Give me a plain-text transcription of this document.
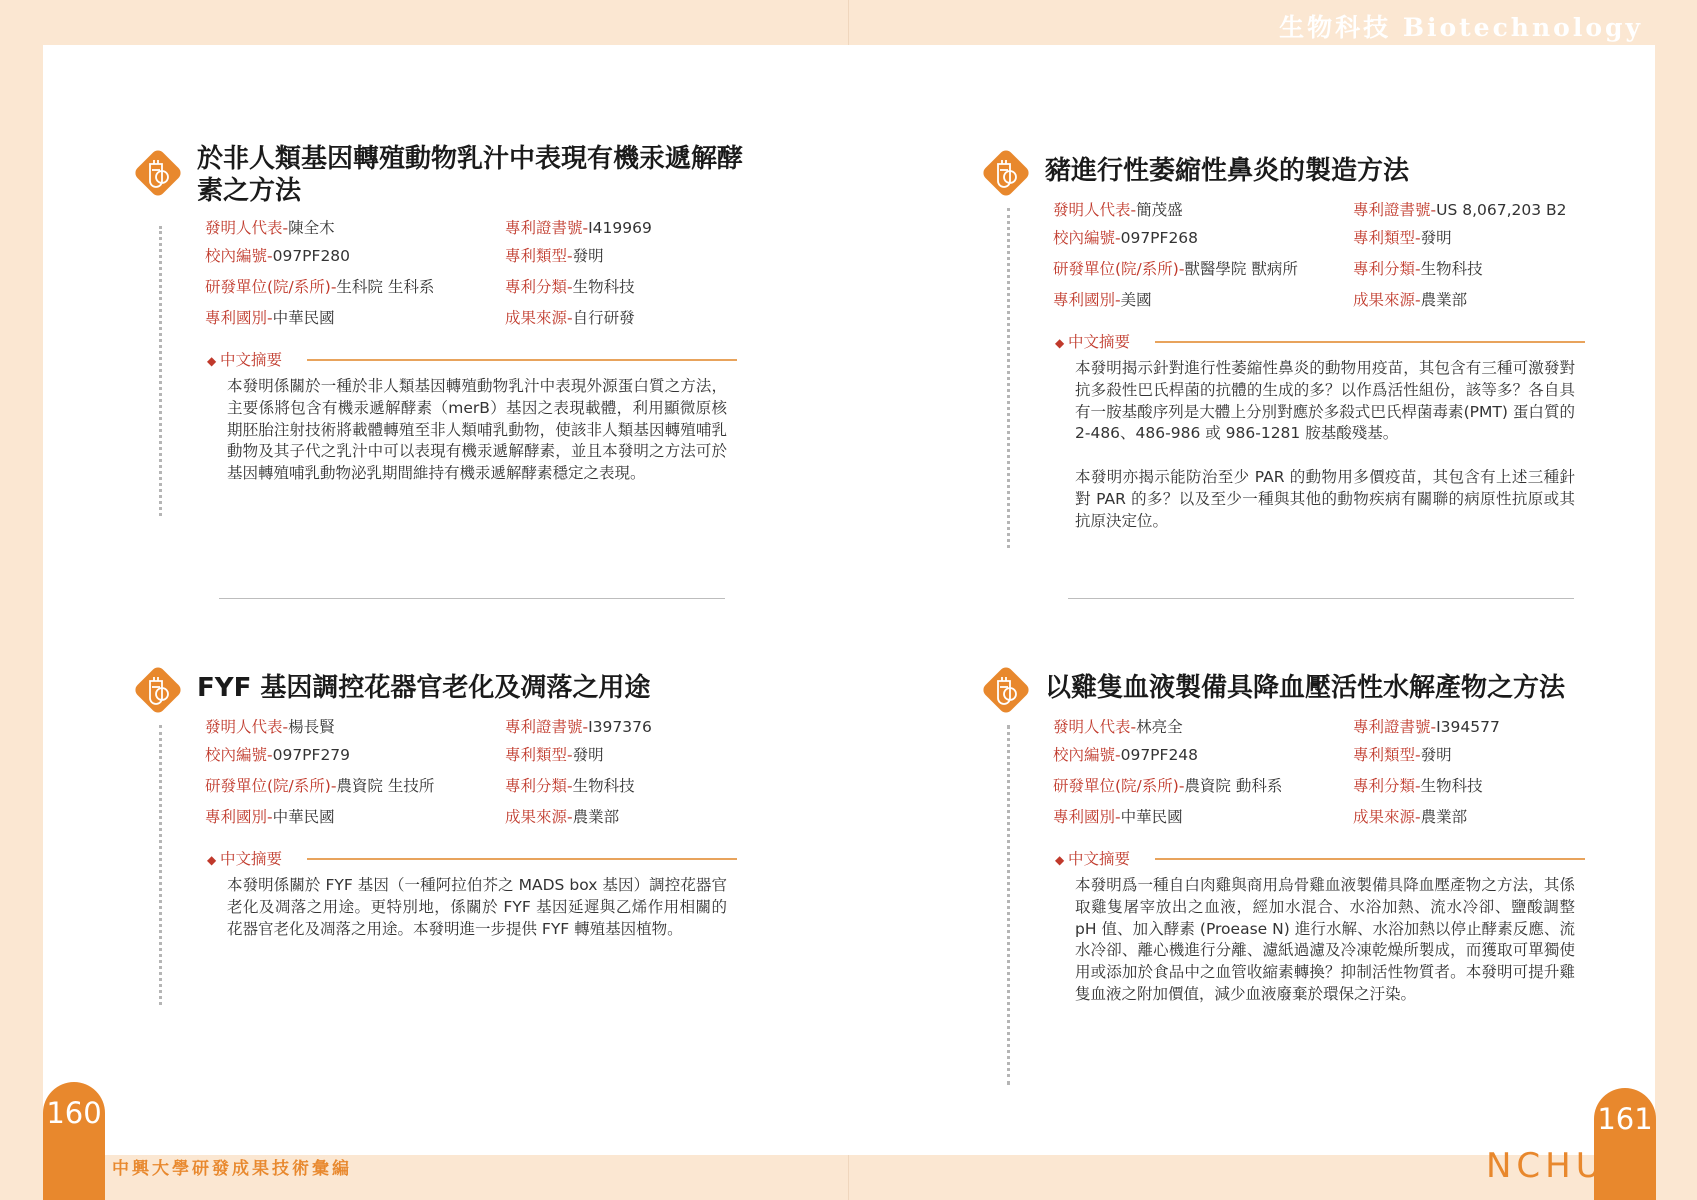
生物科技 Biotechnology
於非人類基因轉殖動物乳汁中表現有機汞遞解酵素之方法
發明人代表-陳全木
校內編號-097PF280
研發單位(院/系所)-生科院 生科系
專利國別-中華民國
專利證書號-I419969
專利類型-發明
專利分類-生物科技
成果來源-自行研發
◆ 中文摘要

本發明係關於一種於非人類基因轉殖動物乳汁中表現外源蛋白質之方法，主要係將包含有機汞遞解酵素（merB）基因之表現載體，利用顯微原核期胚胎注射技術將載體轉殖至非人類哺乳動物，使該非人類基因轉殖哺乳動物及其子代之乳汁中可以表現有機汞遞解酵素，並且本發明之方法可於基因轉殖哺乳動物泌乳期間維持有機汞遞解酵素穩定之表現。

豬進行性萎縮性鼻炎的製造方法
發明人代表-簡茂盛
校內編號-097PF268
研發單位(院/系所)-獸醫學院 獸病所
專利國別-美國
專利證書號-US 8,067,203 B2
專利類型-發明
專利分類-生物科技
成果來源-農業部
◆ 中文摘要

本發明揭示針對進行性萎縮性鼻炎的動物用疫苗，其包含有三種可激發對抗多殺性巴氏桿菌的抗體的生成的多？以作爲活性組份，該等多？各自具有一胺基酸序列是大體上分別對應於多殺式巴氏桿菌毒素(PMT) 蛋白質的 2-486、486-986 或 986-1281 胺基酸殘基。

本發明亦揭示能防治至少 PAR 的動物用多價疫苗，其包含有上述三種針對 PAR 的多？以及至少一種與其他的動物疾病有關聯的病原性抗原或其抗原決定位。

FYF 基因調控花器官老化及凋落之用途
發明人代表-楊長賢
校內編號-097PF279
研發單位(院/系所)-農資院 生技所
專利國別-中華民國
專利證書號-I397376
專利類型-發明
專利分類-生物科技
成果來源-農業部
◆ 中文摘要

本發明係關於 FYF 基因（一種阿拉伯芥之 MADS box 基因）調控花器官老化及凋落之用途。更特別地，係關於 FYF 基因延遲與乙烯作用相關的花器官老化及凋落之用途。本發明進一步提供 FYF 轉殖基因植物。

以雞隻血液製備具降血壓活性水解產物之方法
發明人代表-林亮全
校內編號-097PF248
研發單位(院/系所)-農資院 動科系
專利國別-中華民國
專利證書號-I394577
專利類型-發明
專利分類-生物科技
成果來源-農業部
◆ 中文摘要

本發明爲一種自白肉雞與商用烏骨雞血液製備具降血壓產物之方法，其係取雞隻屠宰放出之血液，經加水混合、水浴加熱、流水冷卻、鹽酸調整 pH 值、加入酵素 (Proease N) 進行水解、水浴加熱以停止酵素反應、流水冷卻、離心機進行分離、濾紙過濾及冷凍乾燥所製成，而獲取可單獨使用或添加於食品中之血管收縮素轉換？抑制活性物質者。本發明可提升雞隻血液之附加價值，減少血液廢棄於環保之汙染。

160	161
中興大學研發成果技術彙編	NCHU
